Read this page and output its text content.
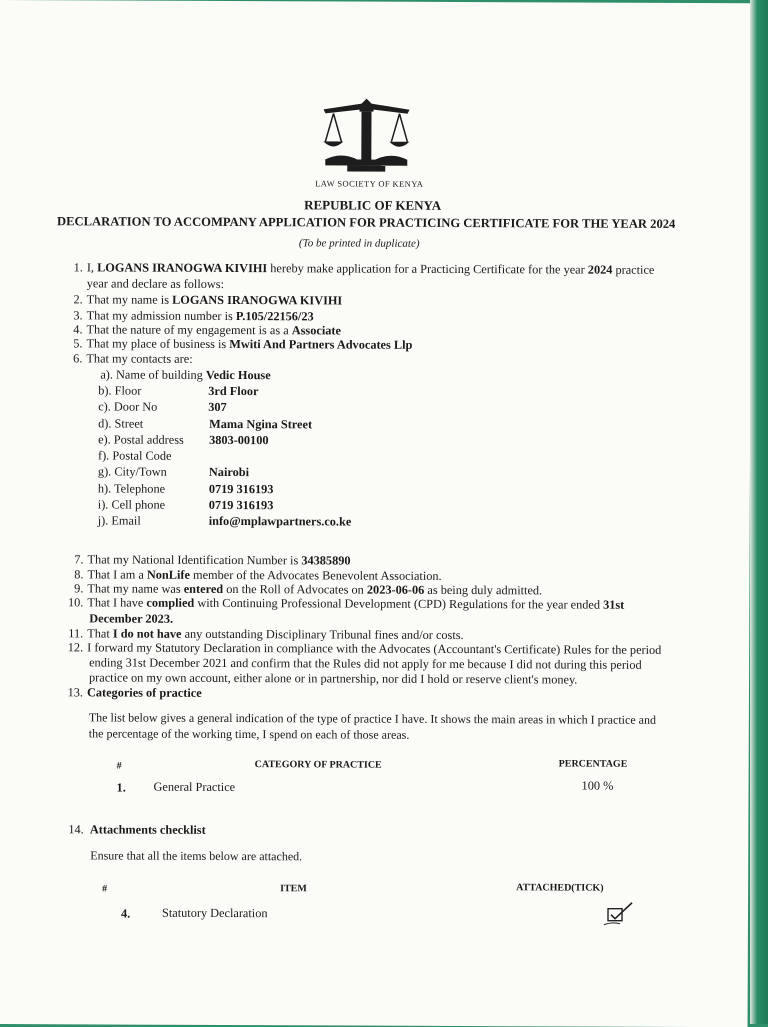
LAW SOCIETY OF KENYA
REPUBLIC OF KENYA
DECLARATION TO ACCOMPANY APPLICATION FOR PRACTICING CERTIFICATE FOR THE YEAR 2024
(To be printed in duplicate)
1. I, LOGANS IRANOGWA KIVIHI hereby make application for a Practicing Certificate for the year 2024 practice
year and declare as follows:
2. That my name is LOGANS IRANOGWA KIVIHI
3. That my admission number is P.105/22156/23
4. That the nature of my engagement is as a Associate
5. That my place of business is Mwiti And Partners Advocates Llp
6. That my contacts are:
a). Name of building Vedic House
b). Floor	3rd Floor
c). Door No	307
d). Street	Mama Ngina Street
e). Postal address 3803-00100
f). Postal Code
g). City/Town	Nairobi
h). Telephone	0719 316193
i). Cell phone	0719 316193
j). Email	info@mplawpartners.co.ke
7. That my National Identification Number is 34385890
8. That I am a NonLife member of the Advocates Benevolent Association.
9. That my name was entered on the Roll of Advocates on 2023-06-06 as being duly admitted.
10. That I have complied with Continuing Professional Development (CPD) Regulations for the year ended 31st
December 2023.
11. That I do not have any outstanding Disciplinary Tribunal fines and/or costs.
12. I forward my Statutory Declaration in compliance with the Advocates (Accountant's Certificate) Rules for the period
ending 31st December 2021 and confirm that the Rules did not apply for me because I did not during this period
practice on my own account, either alone or in partnership, nor did I hold or reserve client's money.
13. Categories of practice
The list below gives a general indication of the type of practice I have. It shows the main areas in which I practice and
the percentage of the working time, I spend on each of those areas.
#	CATEGORY OF PRACTICE	PERCENTAGE
1. General Practice	100 %
14. Attachments checklist
Ensure that all the items below are attached.
#	ITEM	ATTACHED(TICK)
4.	Statutory Declaration
